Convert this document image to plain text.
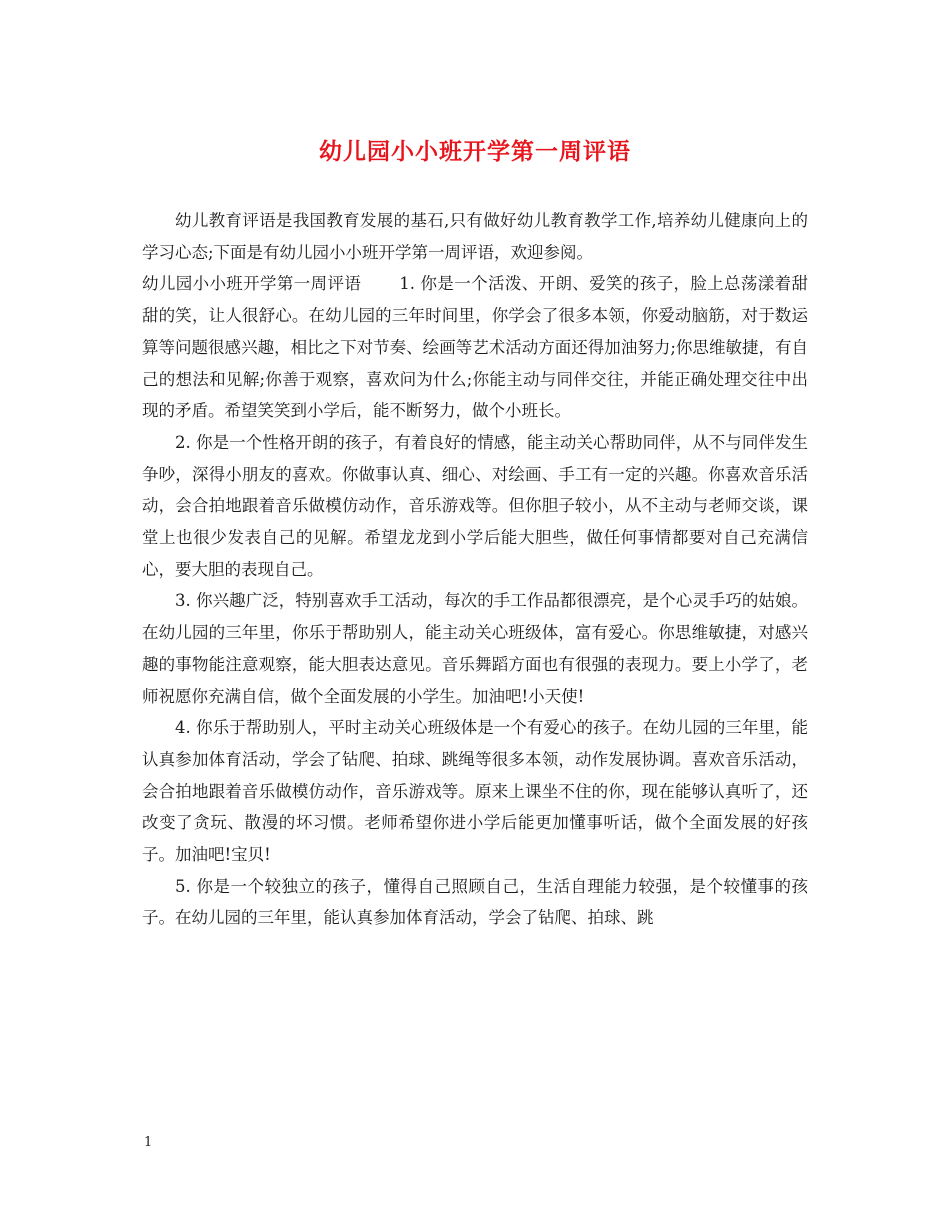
幼儿园小小班开学第一周评语

幼儿教育评语是我国教育发展的基石,只有做好幼儿教育教学工作,培养幼儿健康向上的学习心态;下面是有幼儿园小小班开学第一周评语，欢迎参阅。

幼儿园小小班开学第一周评语 1. 你是一个活泼、开朗、爱笑的孩子，脸上总荡漾着甜甜的笑，让人很舒心。在幼儿园的三年时间里，你学会了很多本领，你爱动脑筋，对于数运算等问题很感兴趣，相比之下对节奏、绘画等艺术活动方面还得加油努力;你思维敏捷，有自己的想法和见解;你善于观察，喜欢问为什么;你能主动与同伴交往，并能正确处理交往中出现的矛盾。希望笑笑到小学后，能不断努力，做个小班长。

2. 你是一个性格开朗的孩子，有着良好的情感，能主动关心帮助同伴，从不与同伴发生争吵，深得小朋友的喜欢。你做事认真、细心、对绘画、手工有一定的兴趣。你喜欢音乐活动，会合拍地跟着音乐做模仿动作，音乐游戏等。但你胆子较小，从不主动与老师交谈，课堂上也很少发表自己的见解。希望龙龙到小学后能大胆些，做任何事情都要对自己充满信心，要大胆的表现自己。

3. 你兴趣广泛，特别喜欢手工活动，每次的手工作品都很漂亮，是个心灵手巧的姑娘。在幼儿园的三年里，你乐于帮助别人，能主动关心班级体，富有爱心。你思维敏捷，对感兴趣的事物能注意观察，能大胆表达意见。音乐舞蹈方面也有很强的表现力。要上小学了，老师祝愿你充满自信，做个全面发展的小学生。加油吧!小天使!

4. 你乐于帮助别人，平时主动关心班级体是一个有爱心的孩子。在幼儿园的三年里，能认真参加体育活动，学会了钻爬、拍球、跳绳等很多本领，动作发展协调。喜欢音乐活动，会合拍地跟着音乐做模仿动作，音乐游戏等。原来上课坐不住的你，现在能够认真听了，还改变了贪玩、散漫的坏习惯。老师希望你进小学后能更加懂事听话，做个全面发展的好孩子。加油吧!宝贝!

5. 你是一个较独立的孩子，懂得自己照顾自己，生活自理能力较强，是个较懂事的孩子。在幼儿园的三年里，能认真参加体育活动，学会了钻爬、拍球、跳

1
